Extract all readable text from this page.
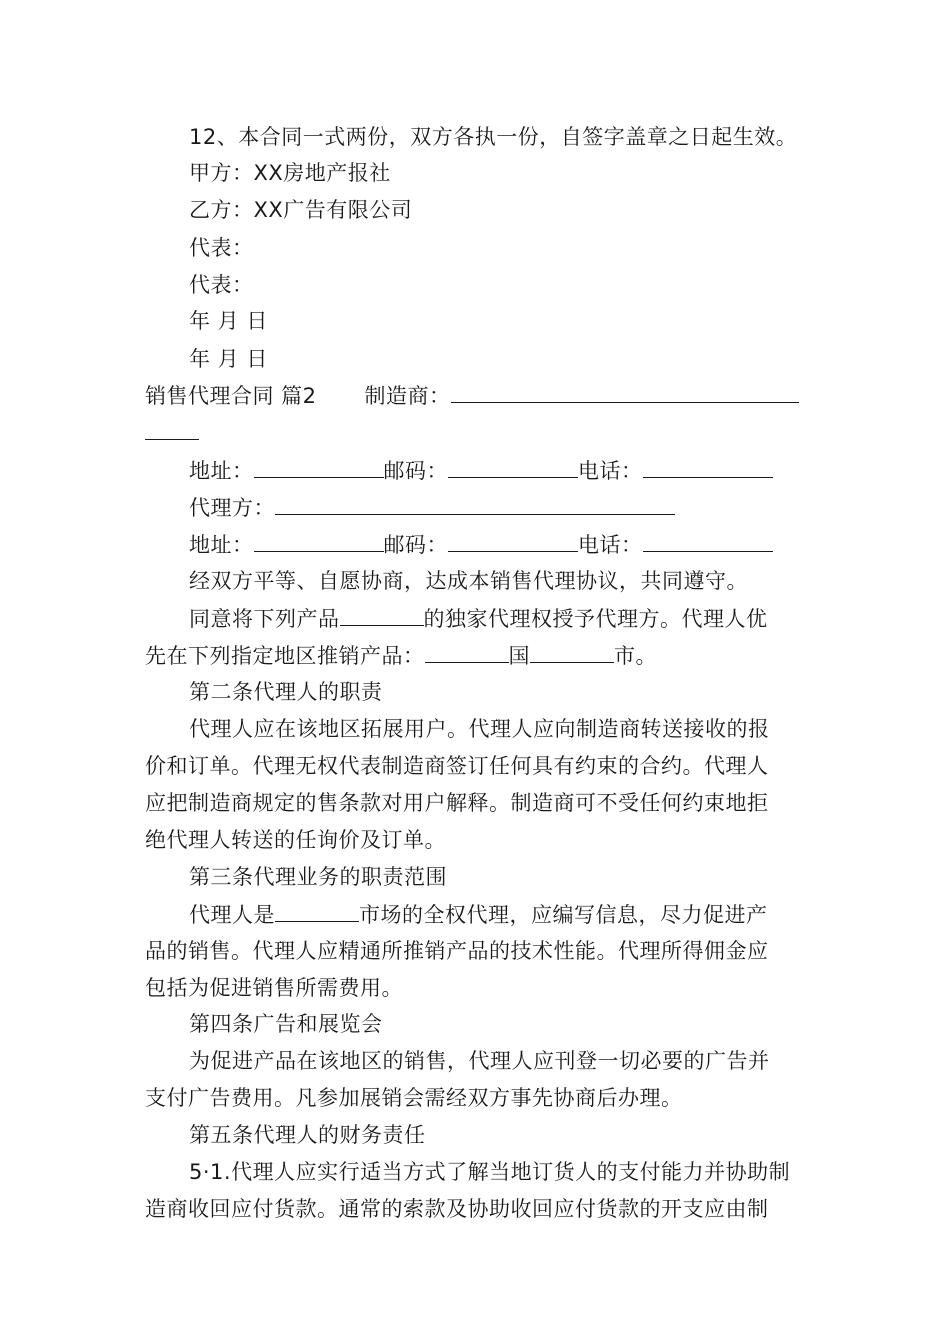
12、本合同一式两份，双方各执一份，自签字盖章之日起生效。
甲方：XX房地产报社
乙方：XX广告有限公司
代表：
代表：
年 月 日
年 月 日
销售代理合同 篇2 制造商：
地址：	邮码：	电话：
代理方：
地址：	邮码：	电话：
经双方平等、自愿协商，达成本销售代理协议，共同遵守。
同意将下列产品	的独家代理权授予代理方。代理人优
先在下列指定地区推销产品：	国	市。
第二条代理人的职责
代理人应在该地区拓展用户。代理人应向制造商转送接收的报
价和订单。代理无权代表制造商签订任何具有约束的合约。代理人
应把制造商规定的售条款对用户解释。制造商可不受任何约束地拒
绝代理人转送的任询价及订单。
第三条代理业务的职责范围
代理人是	市场的全权代理，应编写信息，尽力促进产
品的销售。代理人应精通所推销产品的技术性能。代理所得佣金应
包括为促进销售所需费用。
第四条广告和展览会
为促进产品在该地区的销售，代理人应刊登一切必要的广告并
支付广告费用。凡参加展销会需经双方事先协商后办理。
第五条代理人的财务责任
5·1.代理人应实行适当方式了解当地订货人的支付能力并协助制
造商收回应付货款。通常的索款及协助收回应付货款的开支应由制
